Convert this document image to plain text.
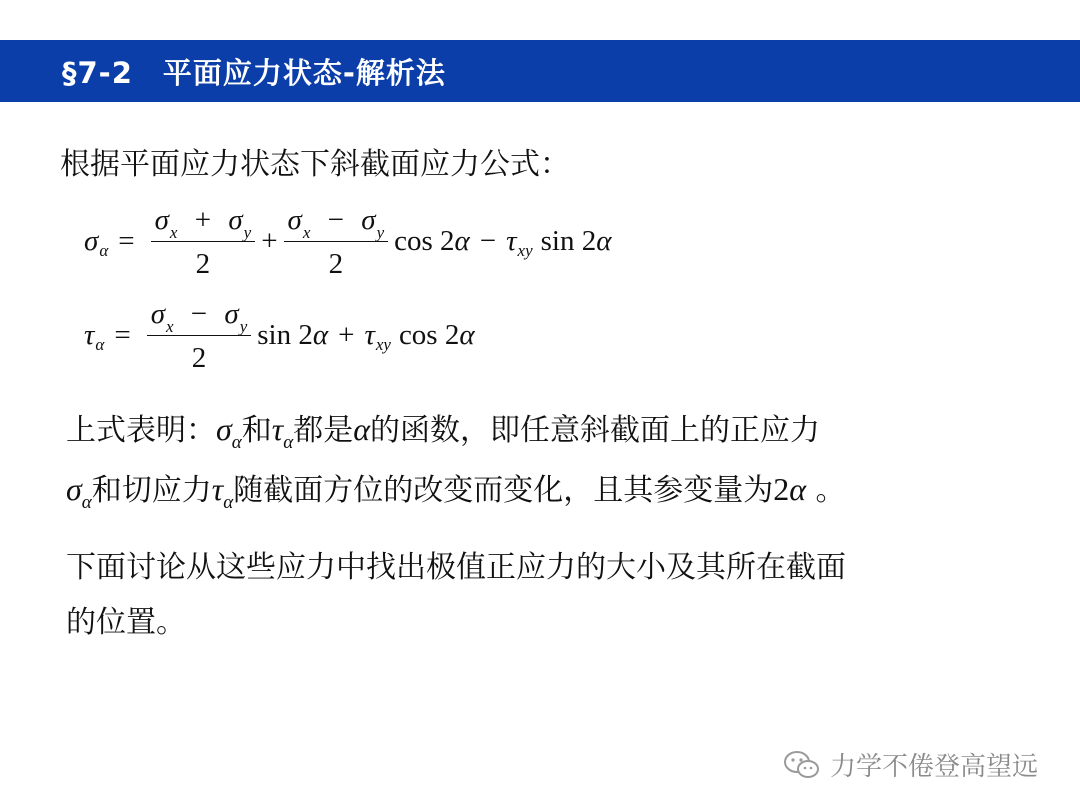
§7-2　平面应力状态-解析法
根据平面应力状态下斜截面应力公式：
σ $\alpha = \frac{\sigma_x + \sigma_y}{2} + \frac{\sigma_x - \sigma_y}{2}$ cos 2 α − τ xy sin 2 α
τ $\alpha = \frac{\sigma_x - \sigma_y}{2}$ sin 2 α + τ xy cos 2 α
上式表明：$\sigma_\alpha$和$\tau_\alpha$都是α的函数，即任意斜截面上的正应力
$\sigma_\alpha$和切应力$\tau_\alpha$随截面方位的改变而变化，且其参变量为2α 。
下面讨论从这些应力中找出极值正应力的大小及其所在截面
的位置。
力学不倦登高望远
